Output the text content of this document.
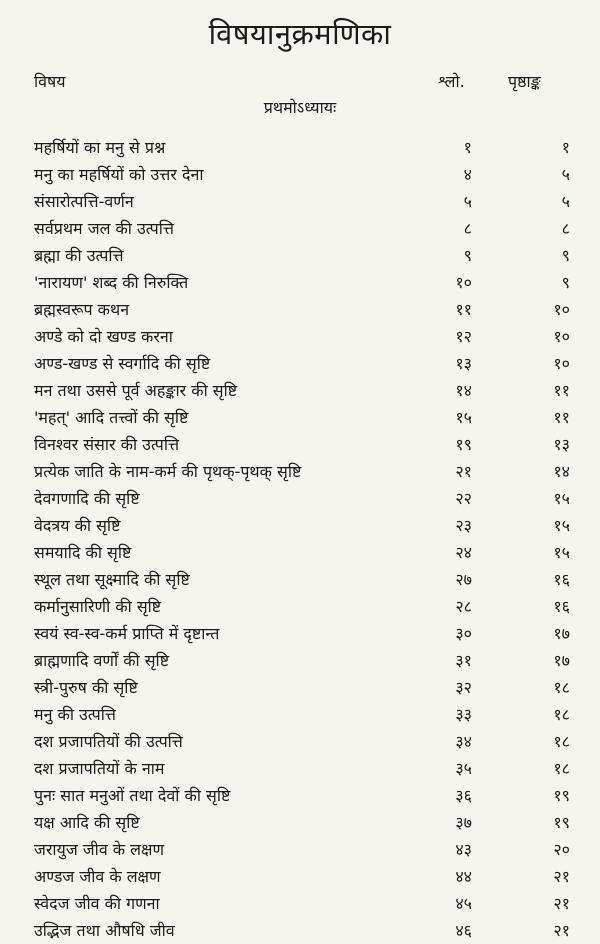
विषयानुक्रमणिका
विषय	श्लो.	पृष्ठाङ्क
प्रथमोऽध्यायः
महर्षियों का मनु से प्रश्न	१	१
मनु का महर्षियों को उत्तर देना	४	५
संसारोत्पत्ति-वर्णन	५	५
सर्वप्रथम जल की उत्पत्ति	८	८
ब्रह्मा की उत्पत्ति	९	९
'नारायण' शब्द की निरुक्ति	१०	९
ब्रह्मस्वरूप कथन	११	१०
अण्डे को दो खण्ड करना	१२	१०
अण्ड-खण्ड से स्वर्गादि की सृष्टि	१३	१०
मन तथा उससे पूर्व अहङ्कार की सृष्टि	१४	११
'महत्' आदि तत्त्वों की सृष्टि	१५	११
विनश्वर संसार की उत्पत्ति	१९	१३
प्रत्येक जाति के नाम-कर्म की पृथक्-पृथक् सृष्टि	२१	१४
देवगणादि की सृष्टि	२२	१५
वेदत्रय की सृष्टि	२३	१५
समयादि की सृष्टि	२४	१५
स्थूल तथा सूक्ष्मादि की सृष्टि	२७	१६
कर्मानुसारिणी की सृष्टि	२८	१६
स्वयं स्व-स्व-कर्म प्राप्ति में दृष्टान्त	३०	१७
ब्राह्मणादि वर्णों की सृष्टि	३१	१७
स्त्री-पुरुष की सृष्टि	३२	१८
मनु की उत्पत्ति	३३	१८
दश प्रजापतियों की उत्पत्ति	३४	१८
दश प्रजापतियों के नाम	३५	१८
पुनः सात मनुओं तथा देवों की सृष्टि	३६	१९
यक्ष आदि की सृष्टि	३७	१९
जरायुज जीव के लक्षण	४३	२०
अण्डज जीव के लक्षण	४४	२१
स्वेदज जीव की गणना	४५	२१
उद्भिज तथा औषधि जीव	४६	२१
